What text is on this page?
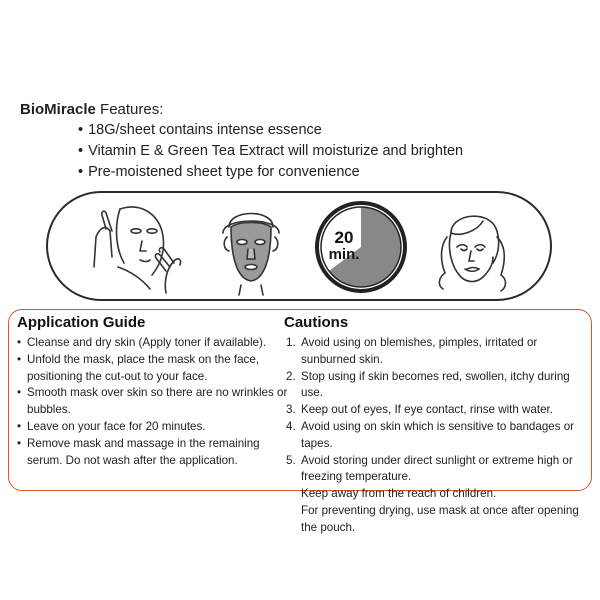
BioMiracle Features:
• 18G/sheet contains intense essence
• Vitamin E & Green Tea Extract will moisturize and brighten
• Pre-moistened sheet type for convenience
20
min.
Application Guide
• Cleanse and dry skin (Apply toner if available).
• Unfold the mask, place the mask on the face, positioning the cut-out to your face.
• Smooth mask over skin so there are no wrinkles or bubbles.
• Leave on your face for 20 minutes.
• Remove mask and massage in the remaining serum. Do not wash after the application.
Cautions
1. Avoid using on blemishes, pimples, irritated or sunburned skin.
2. Stop using if skin becomes red, swollen, itchy during use.
3. Keep out of eyes, If eye contact, rinse with water.
4. Avoid using on skin which is sensitive to bandages or tapes.
5. Avoid storing under direct sunlight or extreme high or freezing temperature.
Keep away from the reach of children.
For preventing drying, use mask at once after opening the pouch.
